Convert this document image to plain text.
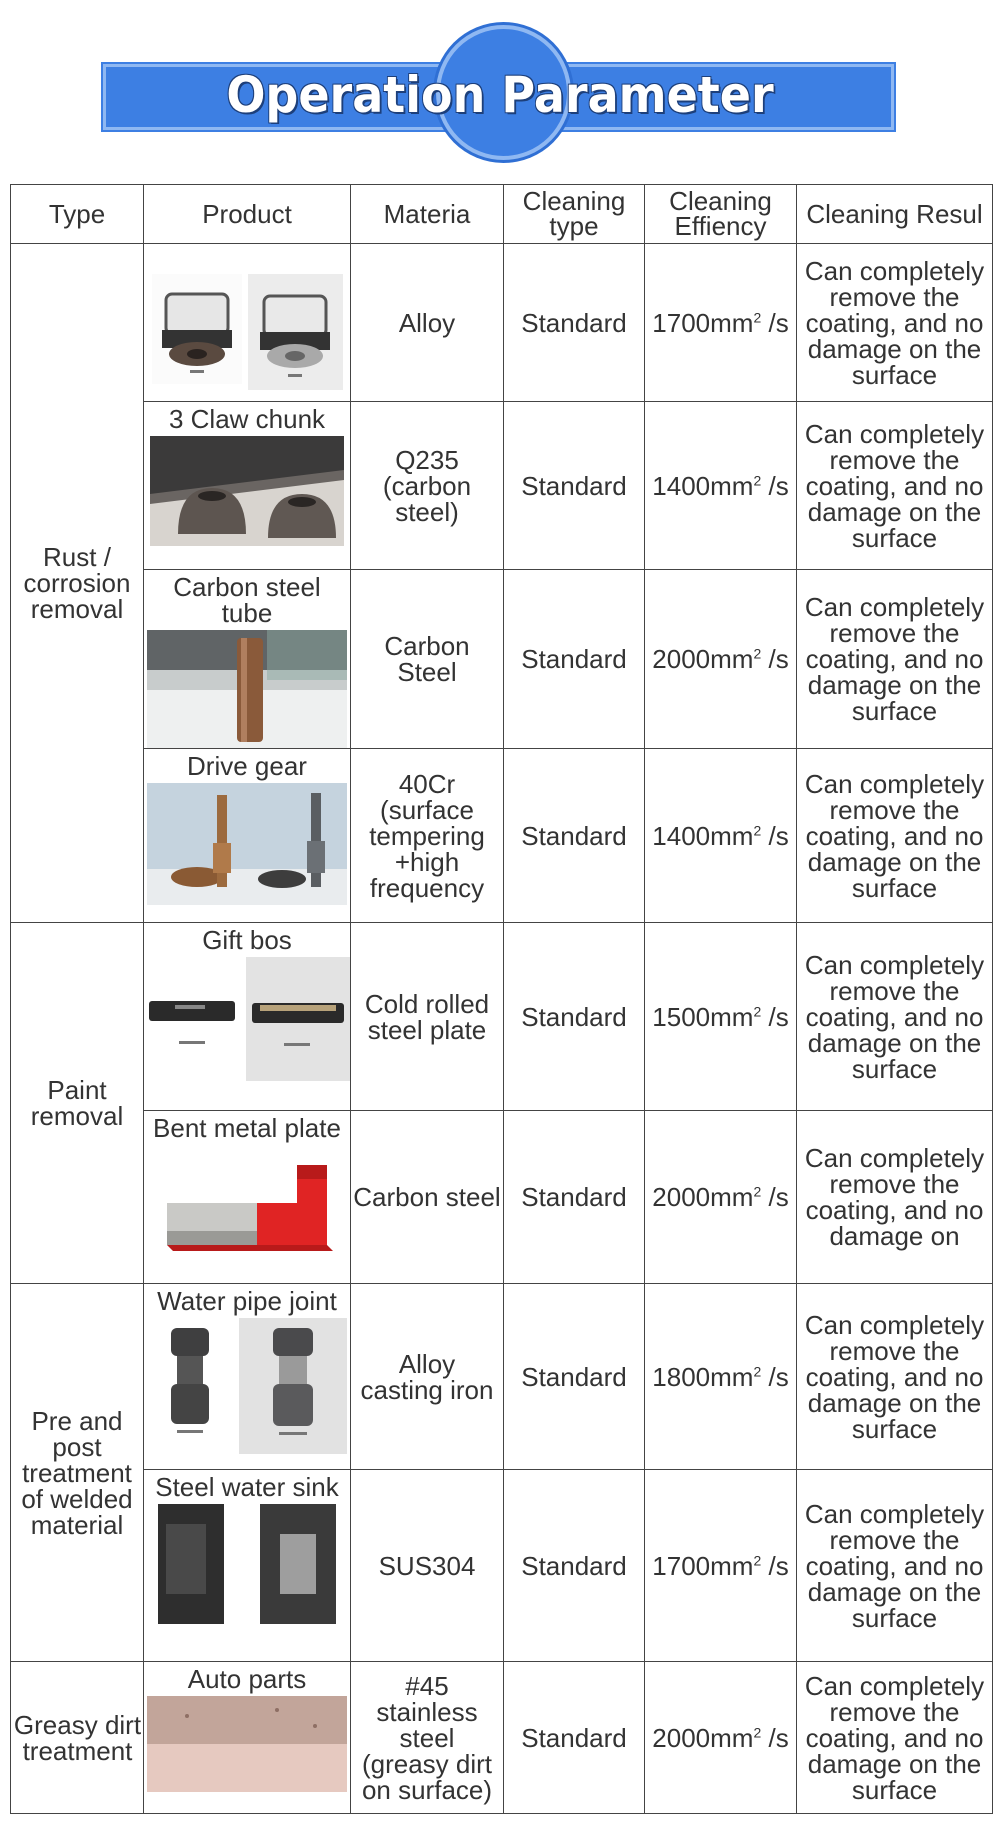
Operation Parameter
Type	Product	Materia	Cleaning type	Cleaning Effiency	Cleaning Resul

Rust / corrosion removal		Alloy	Standard	$1700mm^2$ /s	Can completely remove the coating, and no damage on the surface

	3 Claw chunk	Q235 (carbon steel)	Standard	$1400mm^2$ /s	Can completely remove the coating, and no damage on the surface

	Carbon steel tube	Carbon Steel	Standard	$2000mm^2$ /s	Can completely remove the coating, and no damage on the surface

	Drive gear	40Cr (surface tempering +high frequency	Standard	$1400mm^2$ /s	Can completely remove the coating, and no damage on the surface

Paint removal	Gift bos	Cold rolled steel plate	Standard	$1500mm^2$ /s	Can completely remove the coating, and no damage on the surface

	Bent metal plate	Carbon steel	Standard	$2000mm^2$ /s	Can completely remove the coating, and no damage on

Pre and post treatment of welded material	Water pipe joint	Alloy casting iron	Standard	$1800mm^2$ /s	Can completely remove the coating, and no damage on the surface

	Steel water sink	SUS304	Standard	$1700mm^2$ /s	Can completely remove the coating, and no damage on the surface

Greasy dirt treatment	Auto parts	#45 stainless steel (greasy dirt on surface)	Standard	$2000mm^2$ /s	Can completely remove the coating, and no damage on the surface
